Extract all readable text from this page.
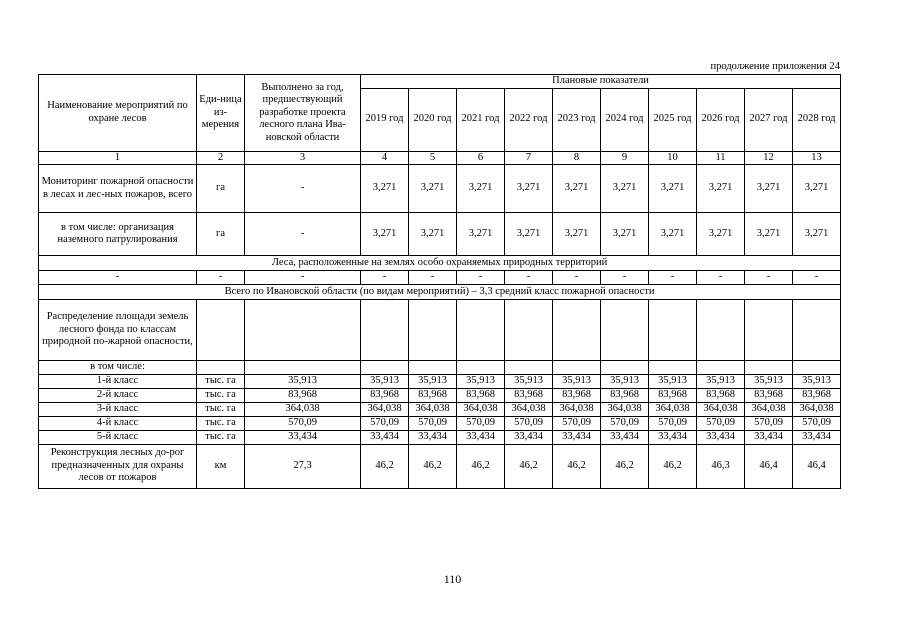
продолжение приложения 24
Наименование мероприятий по охране лесов	Еди-ница из-мерения	Выполнено за год, предшествующий разработке проекта лесного плана Ива-новской области	Плановые показатели									
			2019 год	2020 год	2021 год	2022 год	2023 год	2024 год	2025 год	2026 год	2027 год	2028 год
1	2	3	4	5	6	7	8	9	10	11	12	13
Мониторинг пожарной опасности в лесах и лес-ных пожаров, всего	га	-	3,271	3,271	3,271	3,271	3,271	3,271	3,271	3,271	3,271	3,271
в том числе: организация наземного патрулирования	га	-	3,271	3,271	3,271	3,271	3,271	3,271	3,271	3,271	3,271	3,271
Леса, расположенные на землях особо охраняемых природных территорий												
-	-	-	-	-	-	-	-	-	-	-	-	-
Всего по Ивановской области (по видам мероприятий) – 3,3 средний класс пожарной опасности												
Распределение площади земель лесного фонда по классам природной по-жарной опасности,												
в том числе:												
1-й класс	тыс. га	35,913	35,913	35,913	35,913	35,913	35,913	35,913	35,913	35,913	35,913	35,913
2-й класс	тыс. га	83,968	83,968	83,968	83,968	83,968	83,968	83,968	83,968	83,968	83,968	83,968
3-й класс	тыс. га	364,038	364,038	364,038	364,038	364,038	364,038	364,038	364,038	364,038	364,038	364,038
4-й класс	тыс. га	570,09	570,09	570,09	570,09	570,09	570,09	570,09	570,09	570,09	570,09	570,09
5-й класс	тыс. га	33,434	33,434	33,434	33,434	33,434	33,434	33,434	33,434	33,434	33,434	33,434
Реконструкция лесных до-рог предназначенных для охраны лесов от пожаров	км	27,3	46,2	46,2	46,2	46,2	46,2	46,2	46,2	46,3	46,4	46,4
110
